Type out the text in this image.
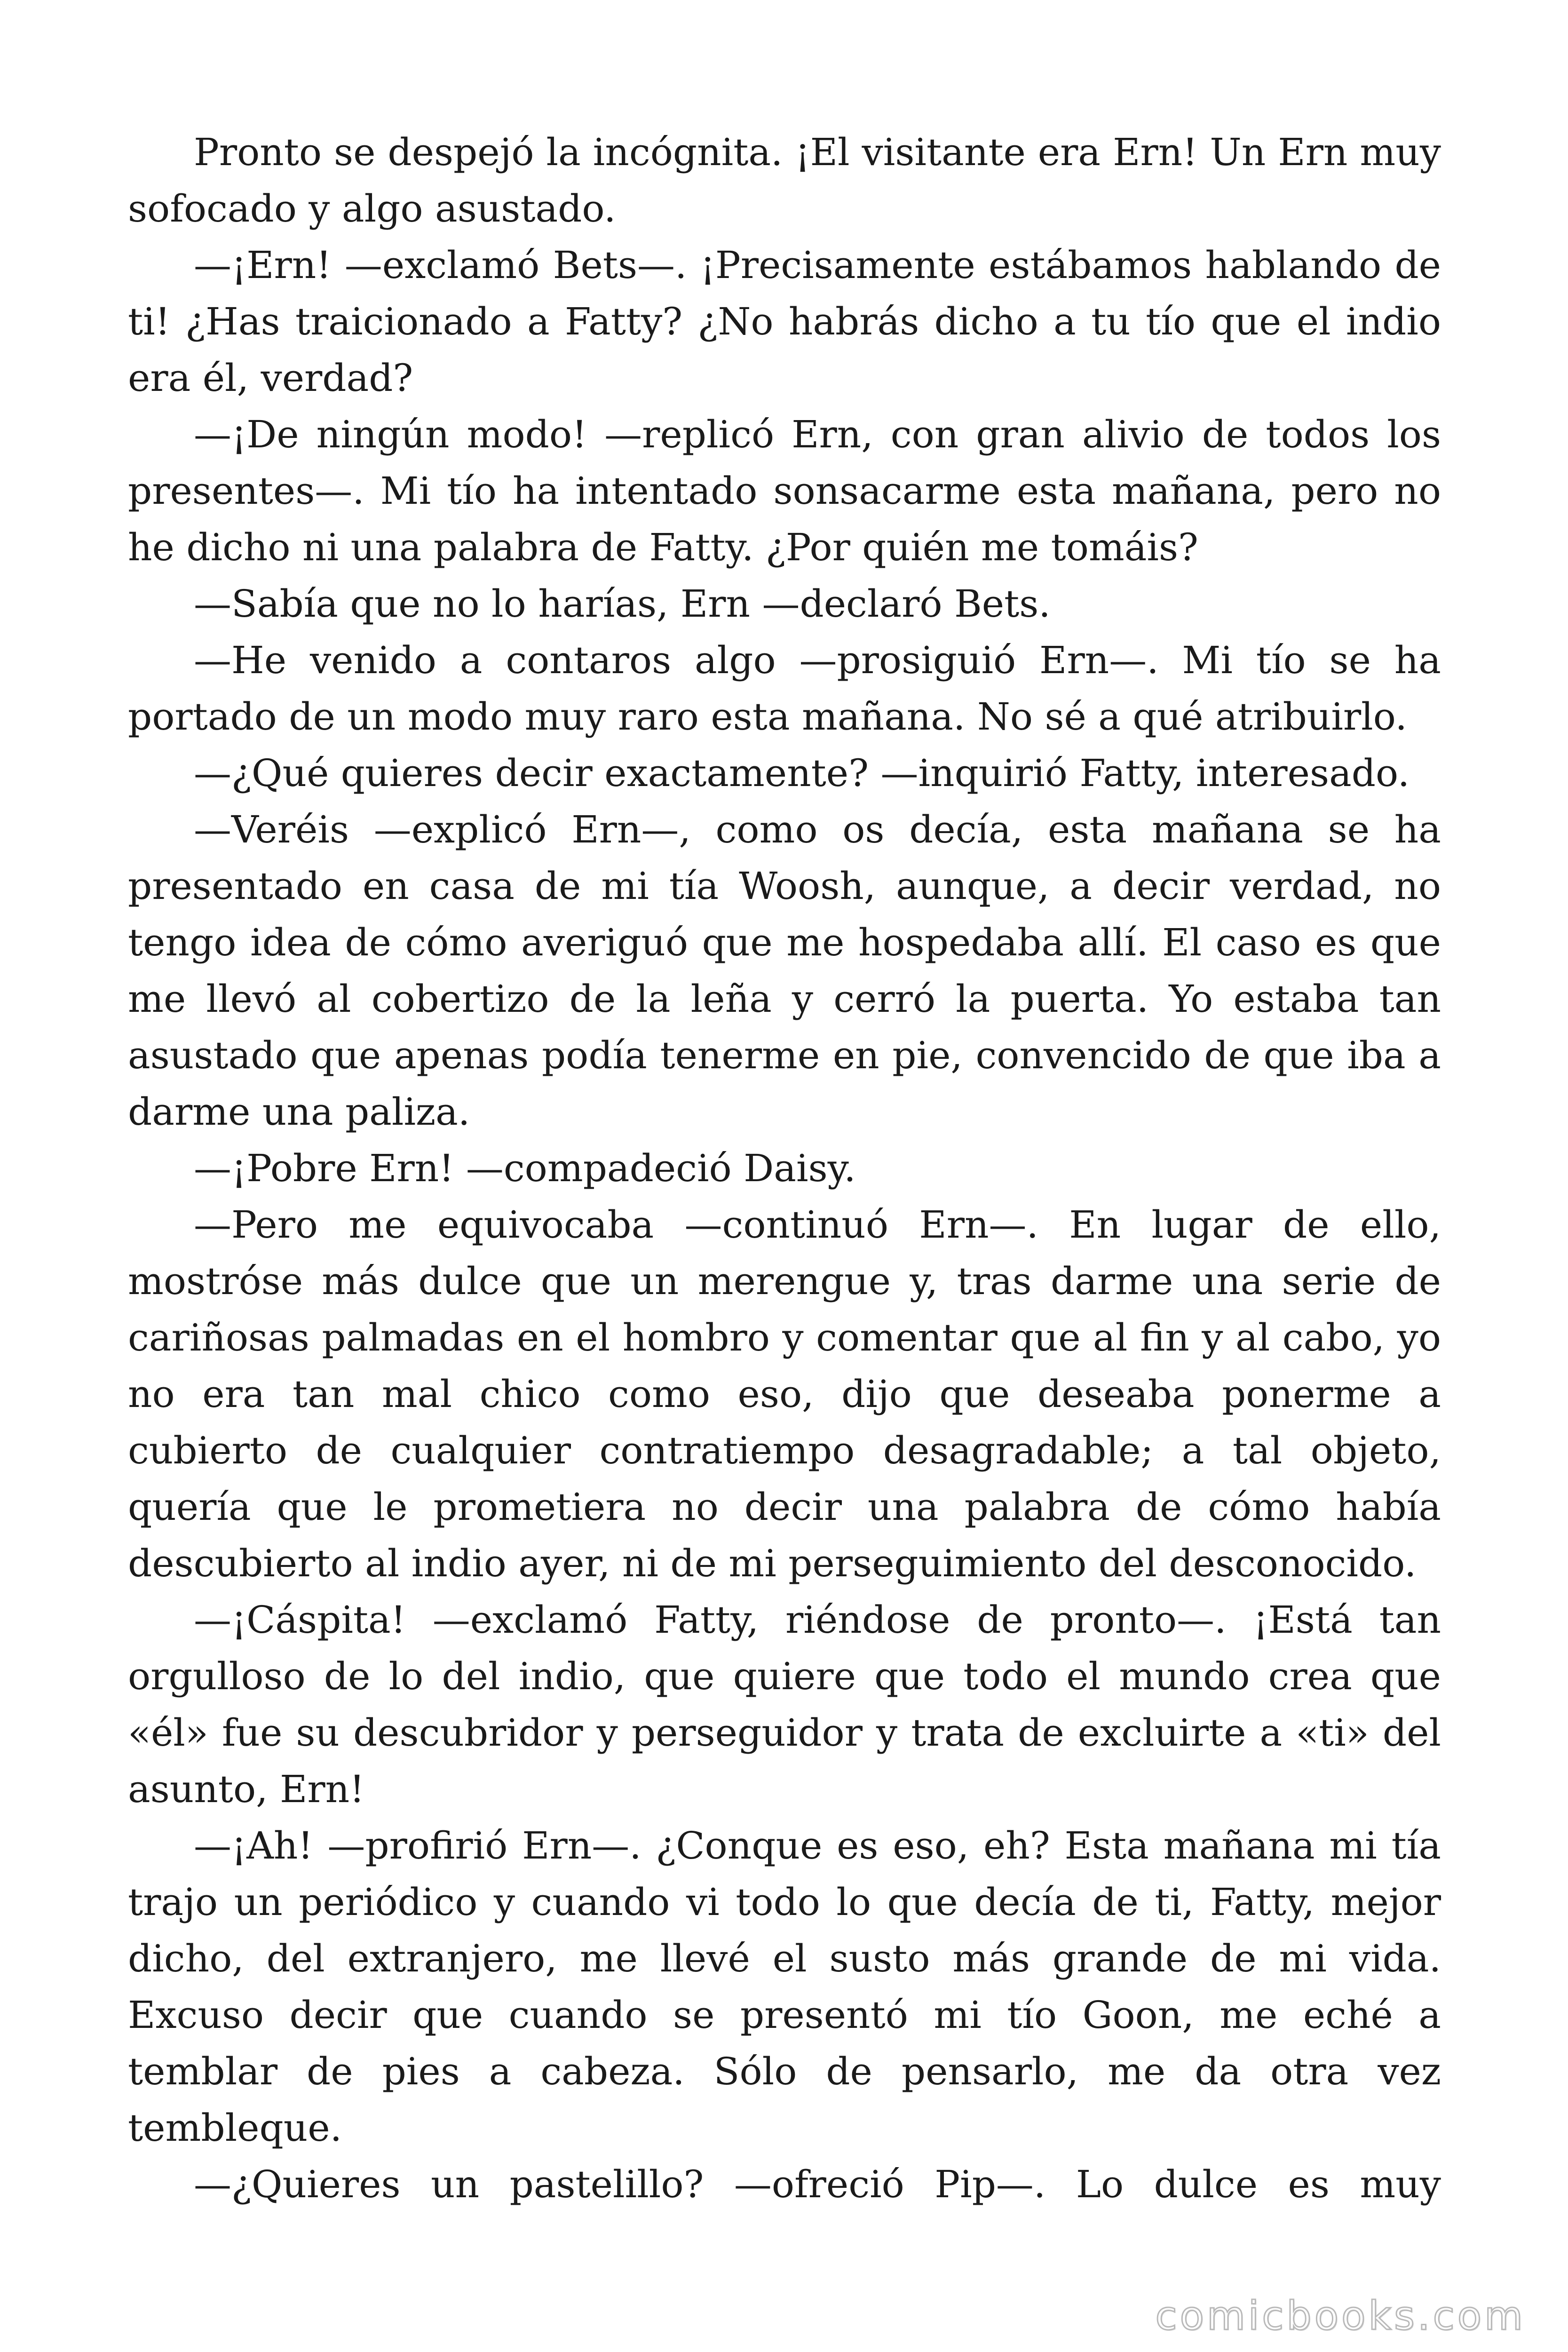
Pronto se despejó la incógnita. ¡El visitante era Ern! Un Ern muy sofocado y algo asustado.

—¡Ern! —exclamó Bets—. ¡Precisamente estábamos hablando de ti! ¿Has traicionado a Fatty? ¿No habrás dicho a tu tío que el indio era él, verdad?

—¡De ningún modo! —replicó Ern, con gran alivio de todos los presentes—. Mi tío ha intentado sonsacarme esta mañana, pero no he dicho ni una palabra de Fatty. ¿Por quién me tomáis?

—Sabía que no lo harías, Ern —declaró Bets.

—He venido a contaros algo —prosiguió Ern—. Mi tío se ha portado de un modo muy raro esta mañana. No sé a qué atribuirlo.

—¿Qué quieres decir exactamente? —inquirió Fatty, interesado.

—Veréis —explicó Ern—, como os decía, esta mañana se ha presentado en casa de mi tía Woosh, aunque, a decir verdad, no tengo idea de cómo averiguó que me hospedaba allí. El caso es que me llevó al cobertizo de la leña y cerró la puerta. Yo estaba tan asustado que apenas podía tenerme en pie, convencido de que iba a darme una paliza.

—¡Pobre Ern! —compadeció Daisy.

—Pero me equivocaba —continuó Ern—. En lugar de ello, mostróse más dulce que un merengue y, tras darme una serie de cariñosas palmadas en el hombro y comentar que al fin y al cabo, yo no era tan mal chico como eso, dijo que deseaba ponerme a cubierto de cualquier contratiempo desagradable; a tal objeto, quería que le prometiera no decir una palabra de cómo había descubierto al indio ayer, ni de mi perseguimiento del desconocido.

—¡Cáspita! —exclamó Fatty, riéndose de pronto—. ¡Está tan orgulloso de lo del indio, que quiere que todo el mundo crea que «él» fue su descubridor y perseguidor y trata de excluirte a «ti» del asunto, Ern!

—¡Ah! —profirió Ern—. ¿Conque es eso, eh? Esta mañana mi tía trajo un periódico y cuando vi todo lo que decía de ti, Fatty, mejor dicho, del extranjero, me llevé el susto más grande de mi vida. Excuso decir que cuando se presentó mi tío Goon, me eché a temblar de pies a cabeza. Sólo de pensarlo, me da otra vez tembleque.

—¿Quieres un pastelillo? —ofreció Pip—. Lo dulce es muy

comicbooks.com
